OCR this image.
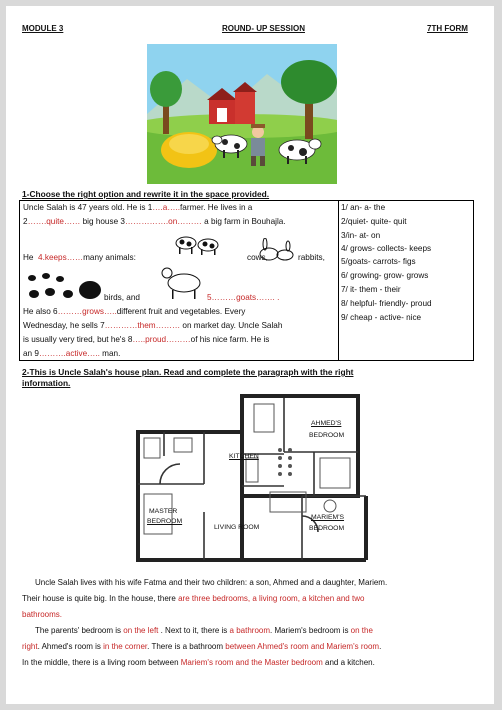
MODULE 3	ROUND- UP SESSION	7TH FORM
1-Choose the right option and rewrite it in the space provided.
Uncle Salah is 47 years old. He is 1….a…..farmer. He lives in a
2…….quite…… big house 3…………….on……… a big farm in Bouhajla.
He 4.keeps……many animals:	cows,	rabbits,
birds, and	5………goats……. .
He also 6………grows…..different fruit and vegetables. Every
Wednesday, he sells 7…………them……… on market day. Uncle Salah
is usually very tired, but he's 8…..proud………of his nice farm. He is
an 9……….active….. man.
1/ an- a- the
2/quiet- quite- quit
3/in- at- on
4/ grows- collects- keeps
5/goats- carrots- figs
6/ growing- grow- grows
7/ it- them - their
8/ helpful- friendly- proud
9/ cheap - active- nice
2-This is Uncle Salah's house plan. Read and complete the paragraph with the right
information.
AHMED'S
BEDROOM
KITCHEN
MASTER
BEDROOM
LIVING ROOM
MARIEM'S
BEDROOM
Uncle Salah lives with his wife Fatma and their two children: a son, Ahmed and a daughter, Mariem.
Their house is quite big. In the house, there are three bedrooms, a living room, a kitchen and two
bathrooms.
The parents' bedroom is on the left . Next to it, there is a bathroom. Mariem's bedroom is on the
right. Ahmed's room is in the corner. There is a bathroom between Ahmed's room and Mariem's room.
In the middle, there is a living room between Mariem's room and the Master bedroom and a kitchen.
